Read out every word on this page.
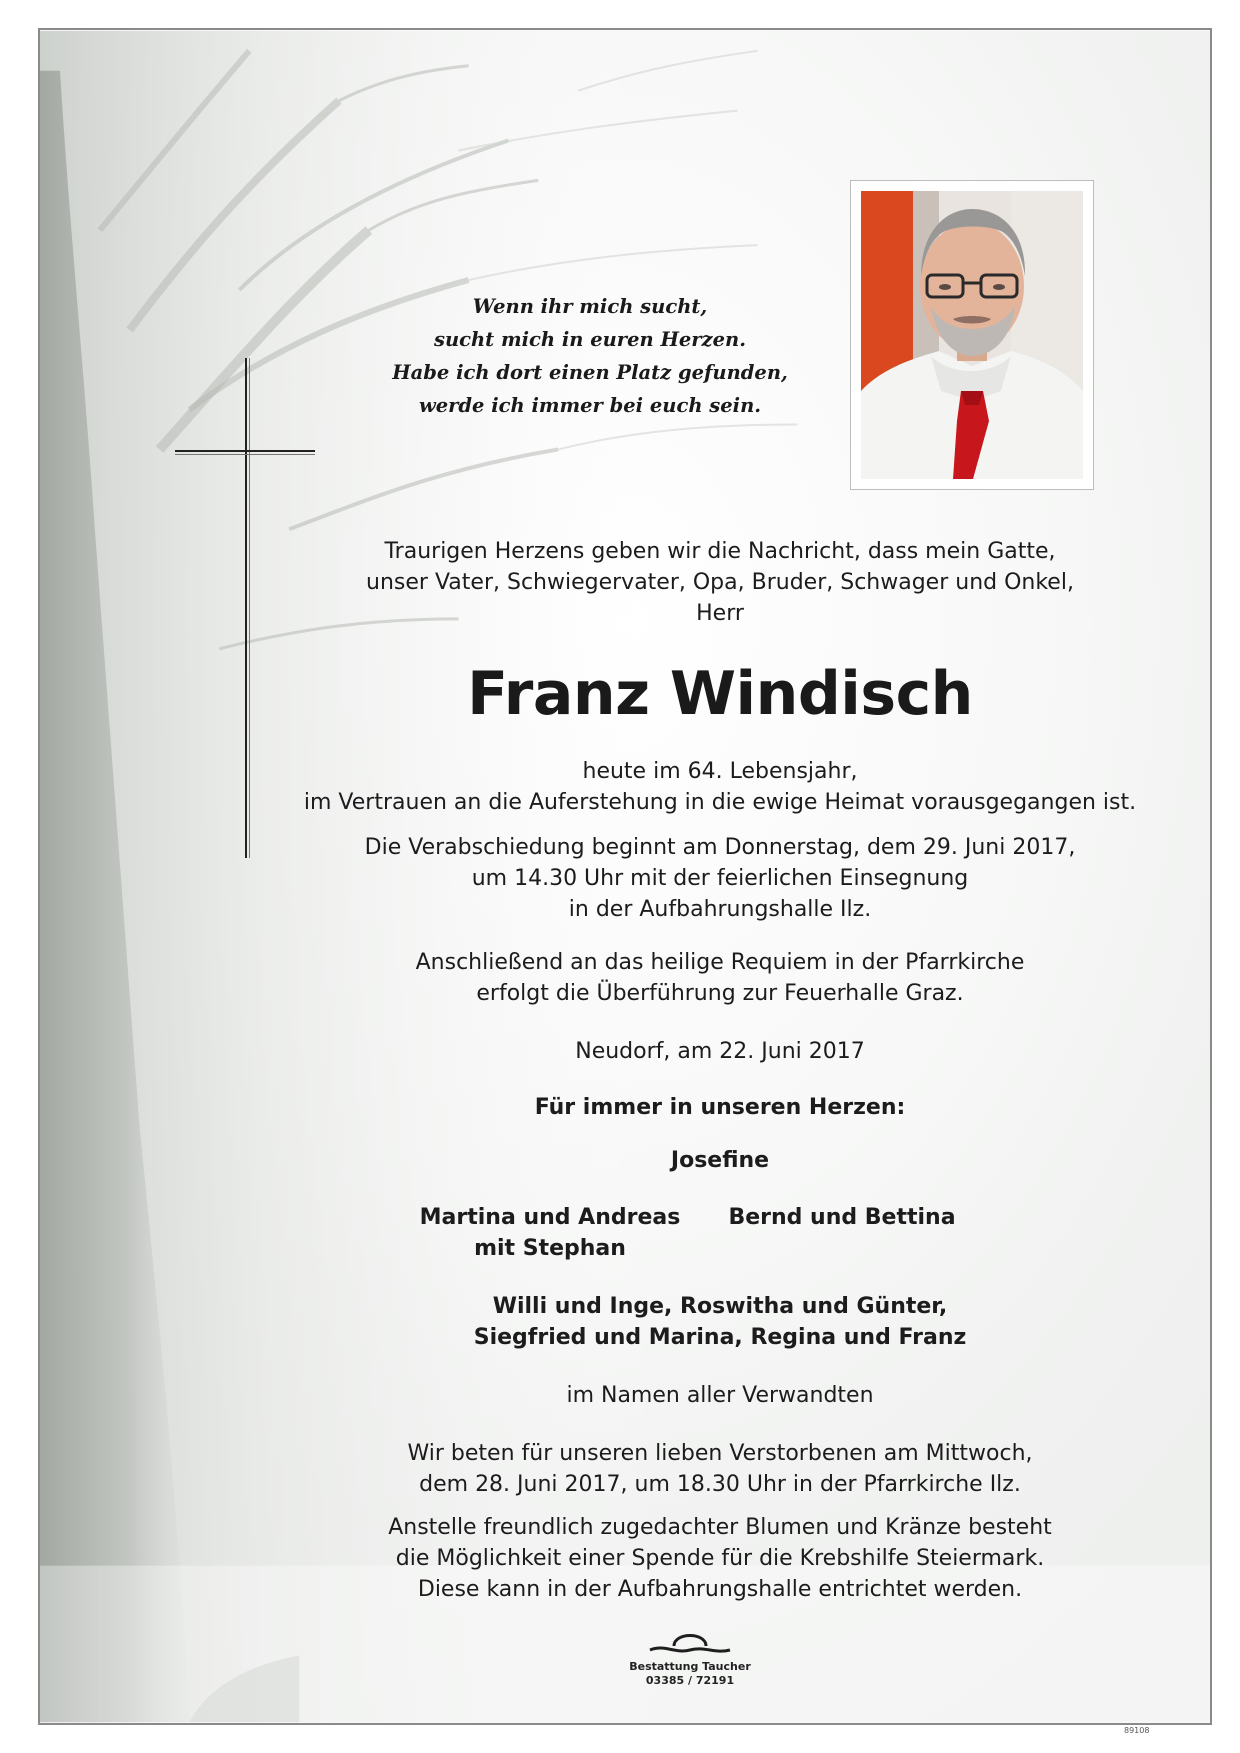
Wenn ihr mich sucht,
sucht mich in euren Herzen.
Habe ich dort einen Platz gefunden,
werde ich immer bei euch sein.
Traurigen Herzens geben wir die Nachricht, dass mein Gatte,
unser Vater, Schwiegervater, Opa, Bruder, Schwager und Onkel,
Herr
Franz Windisch
heute im 64. Lebensjahr,
im Vertrauen an die Auferstehung in die ewige Heimat vorausgegangen ist.
Die Verabschiedung beginnt am Donnerstag, dem 29. Juni 2017,
um 14.30 Uhr mit der feierlichen Einsegnung
in der Aufbahrungshalle Ilz.
Anschließend an das heilige Requiem in der Pfarrkirche
erfolgt die Überführung zur Feuerhalle Graz.
Neudorf, am 22. Juni 2017
Für immer in unseren Herzen:
Josefine
Martina und Andreas
mit Stephan
Bernd und Bettina
Willi und Inge, Roswitha und Günter,
Siegfried und Marina, Regina und Franz
im Namen aller Verwandten
Wir beten für unseren lieben Verstorbenen am Mittwoch,
dem 28. Juni 2017, um 18.30 Uhr in der Pfarrkirche Ilz.
Anstelle freundlich zugedachter Blumen und Kränze besteht
die Möglichkeit einer Spende für die Krebshilfe Steiermark.
Diese kann in der Aufbahrungshalle entrichtet werden.
Bestattung Taucher
03385 / 72191
89108
